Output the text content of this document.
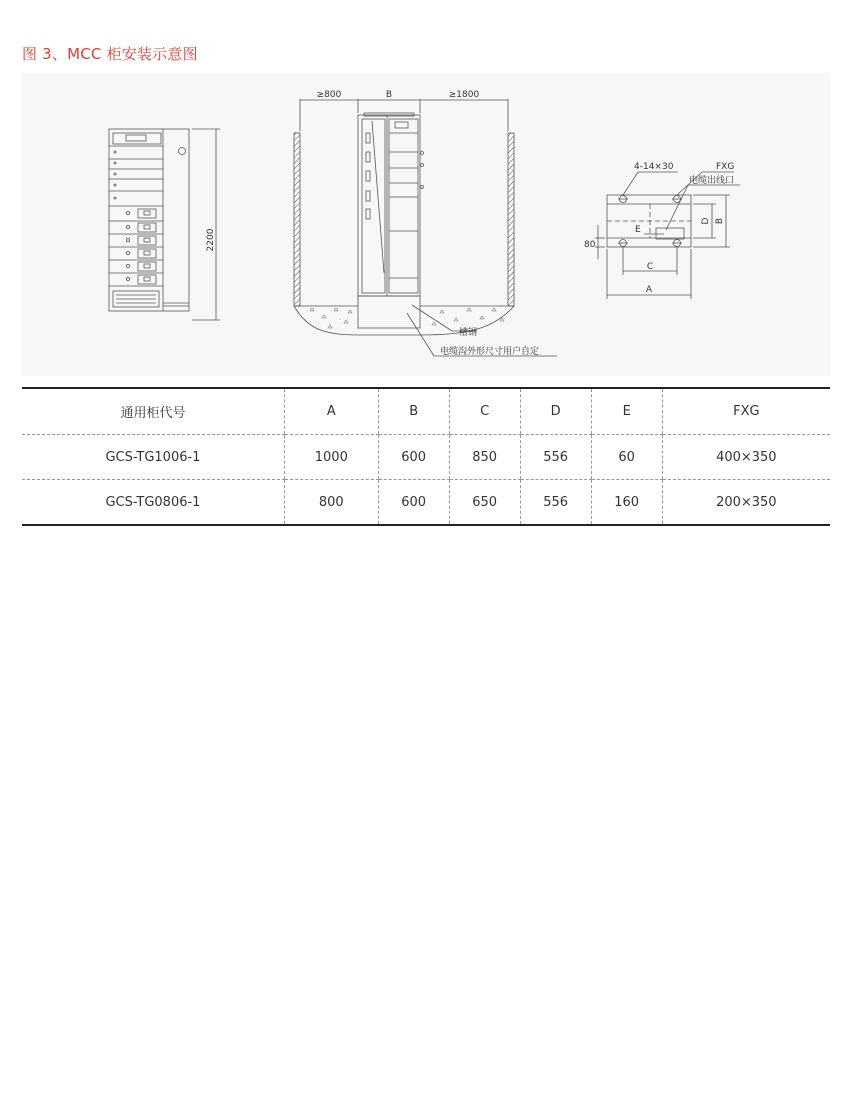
图 3、MCC 柜安装示意图
2200
≥800	B	≥1800
槽钢
电缆沟外形尺寸用户自定
4-14×30	FXG
电缆出线口
E
D B
80
C
A
通用柜代号	A	B	C	D	E	FXG
GCS-TG1006-1	1000	600	850	556	60	400×350
GCS-TG0806-1	800	600	650	556	160	200×350
